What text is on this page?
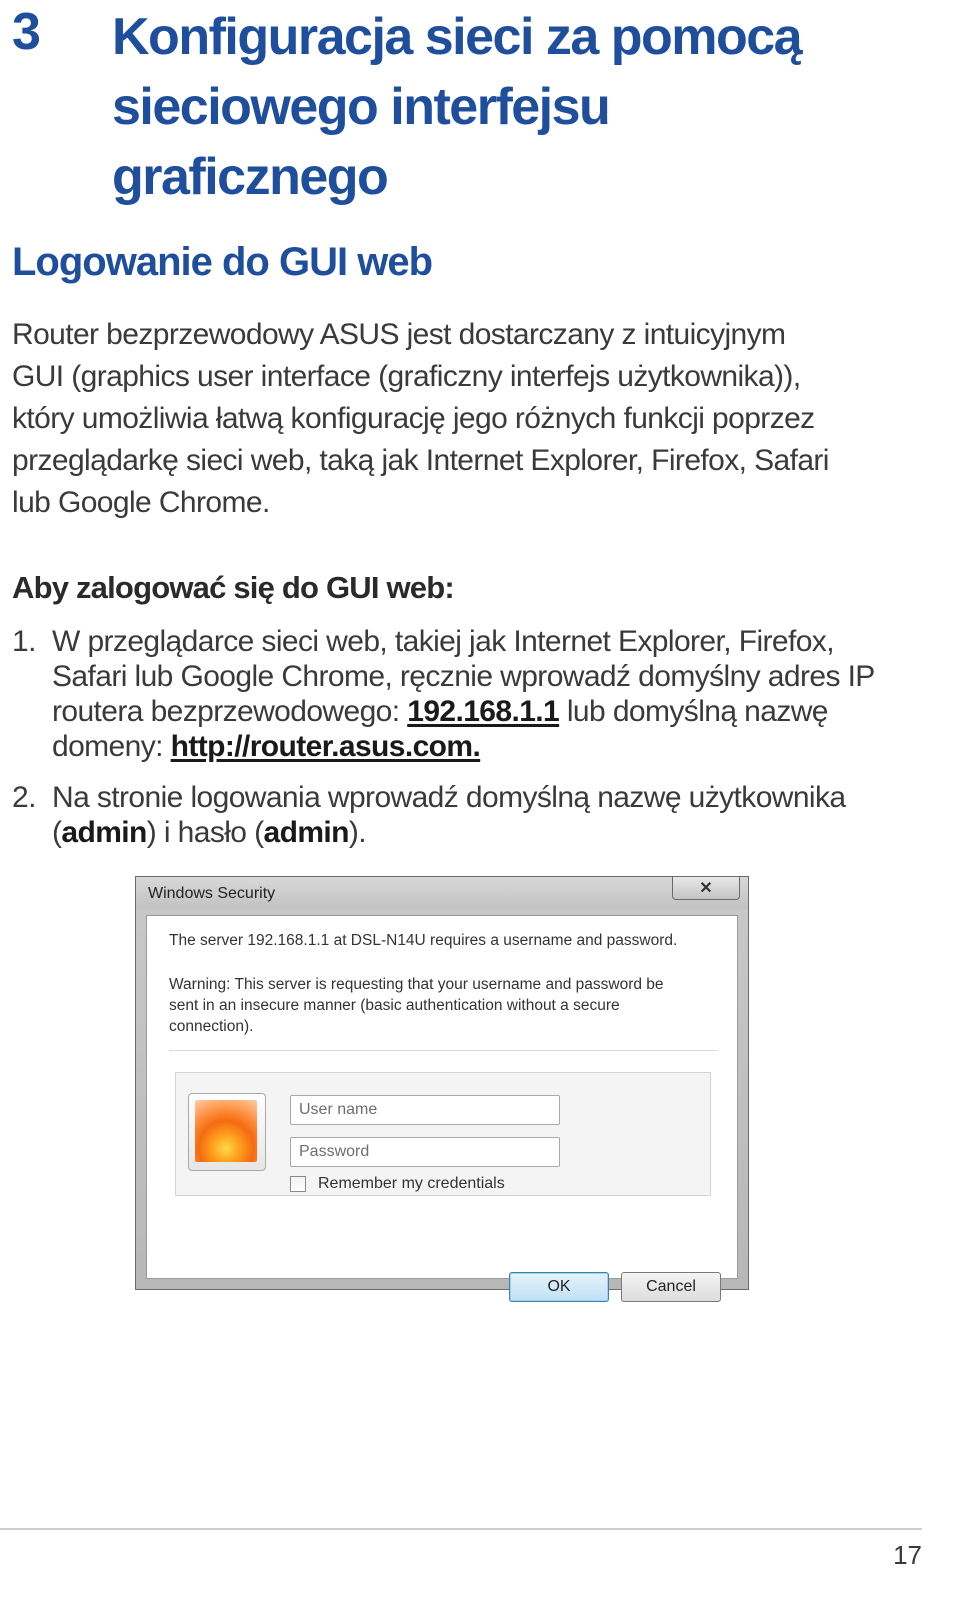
3 Konfiguracja sieci za pomocą
sieciowego interfejsu
graficznego
Logowanie do GUI web

Router bezprzewodowy ASUS jest dostarczany z intuicyjnym
GUI (graphics user interface (graficzny interfejs użytkownika)),
który umożliwia łatwą konfigurację jego różnych funkcji poprzez
przeglądarkę sieci web, taką jak Internet Explorer, Firefox, Safari
lub Google Chrome.

Aby zalogować się do GUI web:
1. W przeglądarce sieci web, takiej jak Internet Explorer, Firefox,
Safari lub Google Chrome, ręcznie wprowadź domyślny adres IP
routera bezprzewodowego: 192.168.1.1 lub domyślną nazwę
domeny: http://router.asus.com.
2. Na stronie logowania wprowadź domyślną nazwę użytkownika
(admin) i hasło (admin).
Windows Security	✕
The server 192.168.1.1 at DSL-N14U requires a username and password.
Warning: This server is requesting that your username and password be
sent in an insecure manner (basic authentication without a secure
connection).
User name
Remember my credentials
OK	Cancel
17
